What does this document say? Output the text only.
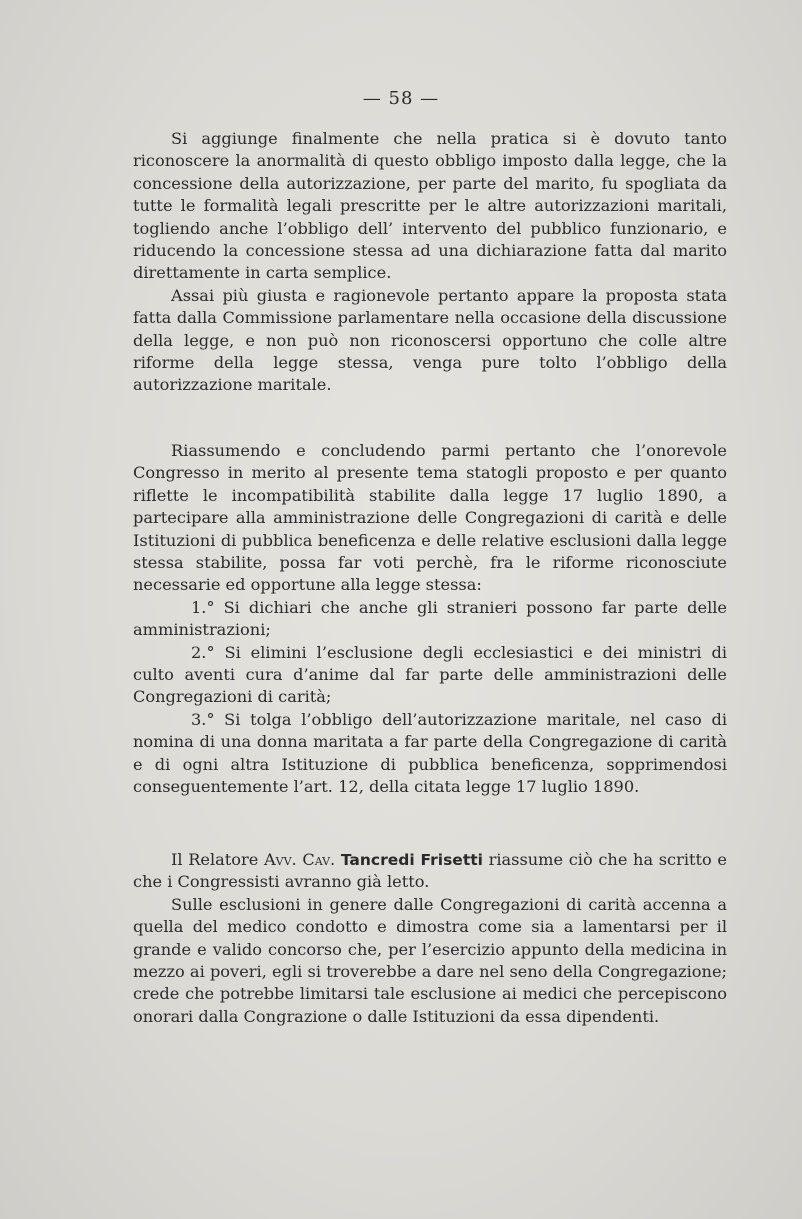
— 58 —

Si aggiunge finalmente che nella pratica si è dovuto tanto riconoscere la anormalità di questo obbligo imposto dalla legge, che la concessione della autorizzazione, per parte del marito, fu spogliata da tutte le formalità legali prescritte per le altre autorizzazioni maritali, togliendo anche l’obbligo dell’ intervento del pubblico funzionario, e riducendo la concessione stessa ad una dichiarazione fatta dal marito direttamente in carta semplice.

Assai più giusta e ragionevole pertanto appare la proposta stata fatta dalla Commissione parlamentare nella occasione della discussione della legge, e non può non riconoscersi opportuno che colle altre riforme della legge stessa, venga pure tolto l’obbligo della autorizzazione maritale.

Riassumendo e concludendo parmi pertanto che l’onorevole Congresso in merito al presente tema statogli proposto e per quanto riflette le incompatibilità stabilite dalla legge 17 luglio 1890, a partecipare alla amministrazione delle Congregazioni di carità e delle Istituzioni di pubblica beneficenza e delle relative esclusioni dalla legge stessa stabilite, possa far voti perchè, fra le riforme riconosciute necessarie ed opportune alla legge stessa:

1.° Si dichiari che anche gli stranieri possono far parte delle amministrazioni;

2.° Si elimini l’esclusione degli ecclesiastici e dei ministri di culto aventi cura d’anime dal far parte delle amministrazioni delle Congregazioni di carità;

3.° Si tolga l’obbligo dell’autorizzazione maritale, nel caso di nomina di una donna maritata a far parte della Congregazione di carità e di ogni altra Istituzione di pubblica beneficenza, sopprimendosi conseguentemente l’art. 12, della citata legge 17 luglio 1890.

Il Relatore Avv. Cav. Tancredi Frisetti riassume ciò che ha scritto e che i Congressisti avranno già letto.

Sulle esclusioni in genere dalle Congregazioni di carità accenna a quella del medico condotto e dimostra come sia a lamentarsi per il grande e valido concorso che, per l’esercizio appunto della medicina in mezzo ai poveri, egli si troverebbe a dare nel seno della Congregazione; crede che potrebbe limitarsi tale esclusione ai medici che percepiscono onorari dalla Congrazione o dalle Istituzioni da essa dipendenti.
